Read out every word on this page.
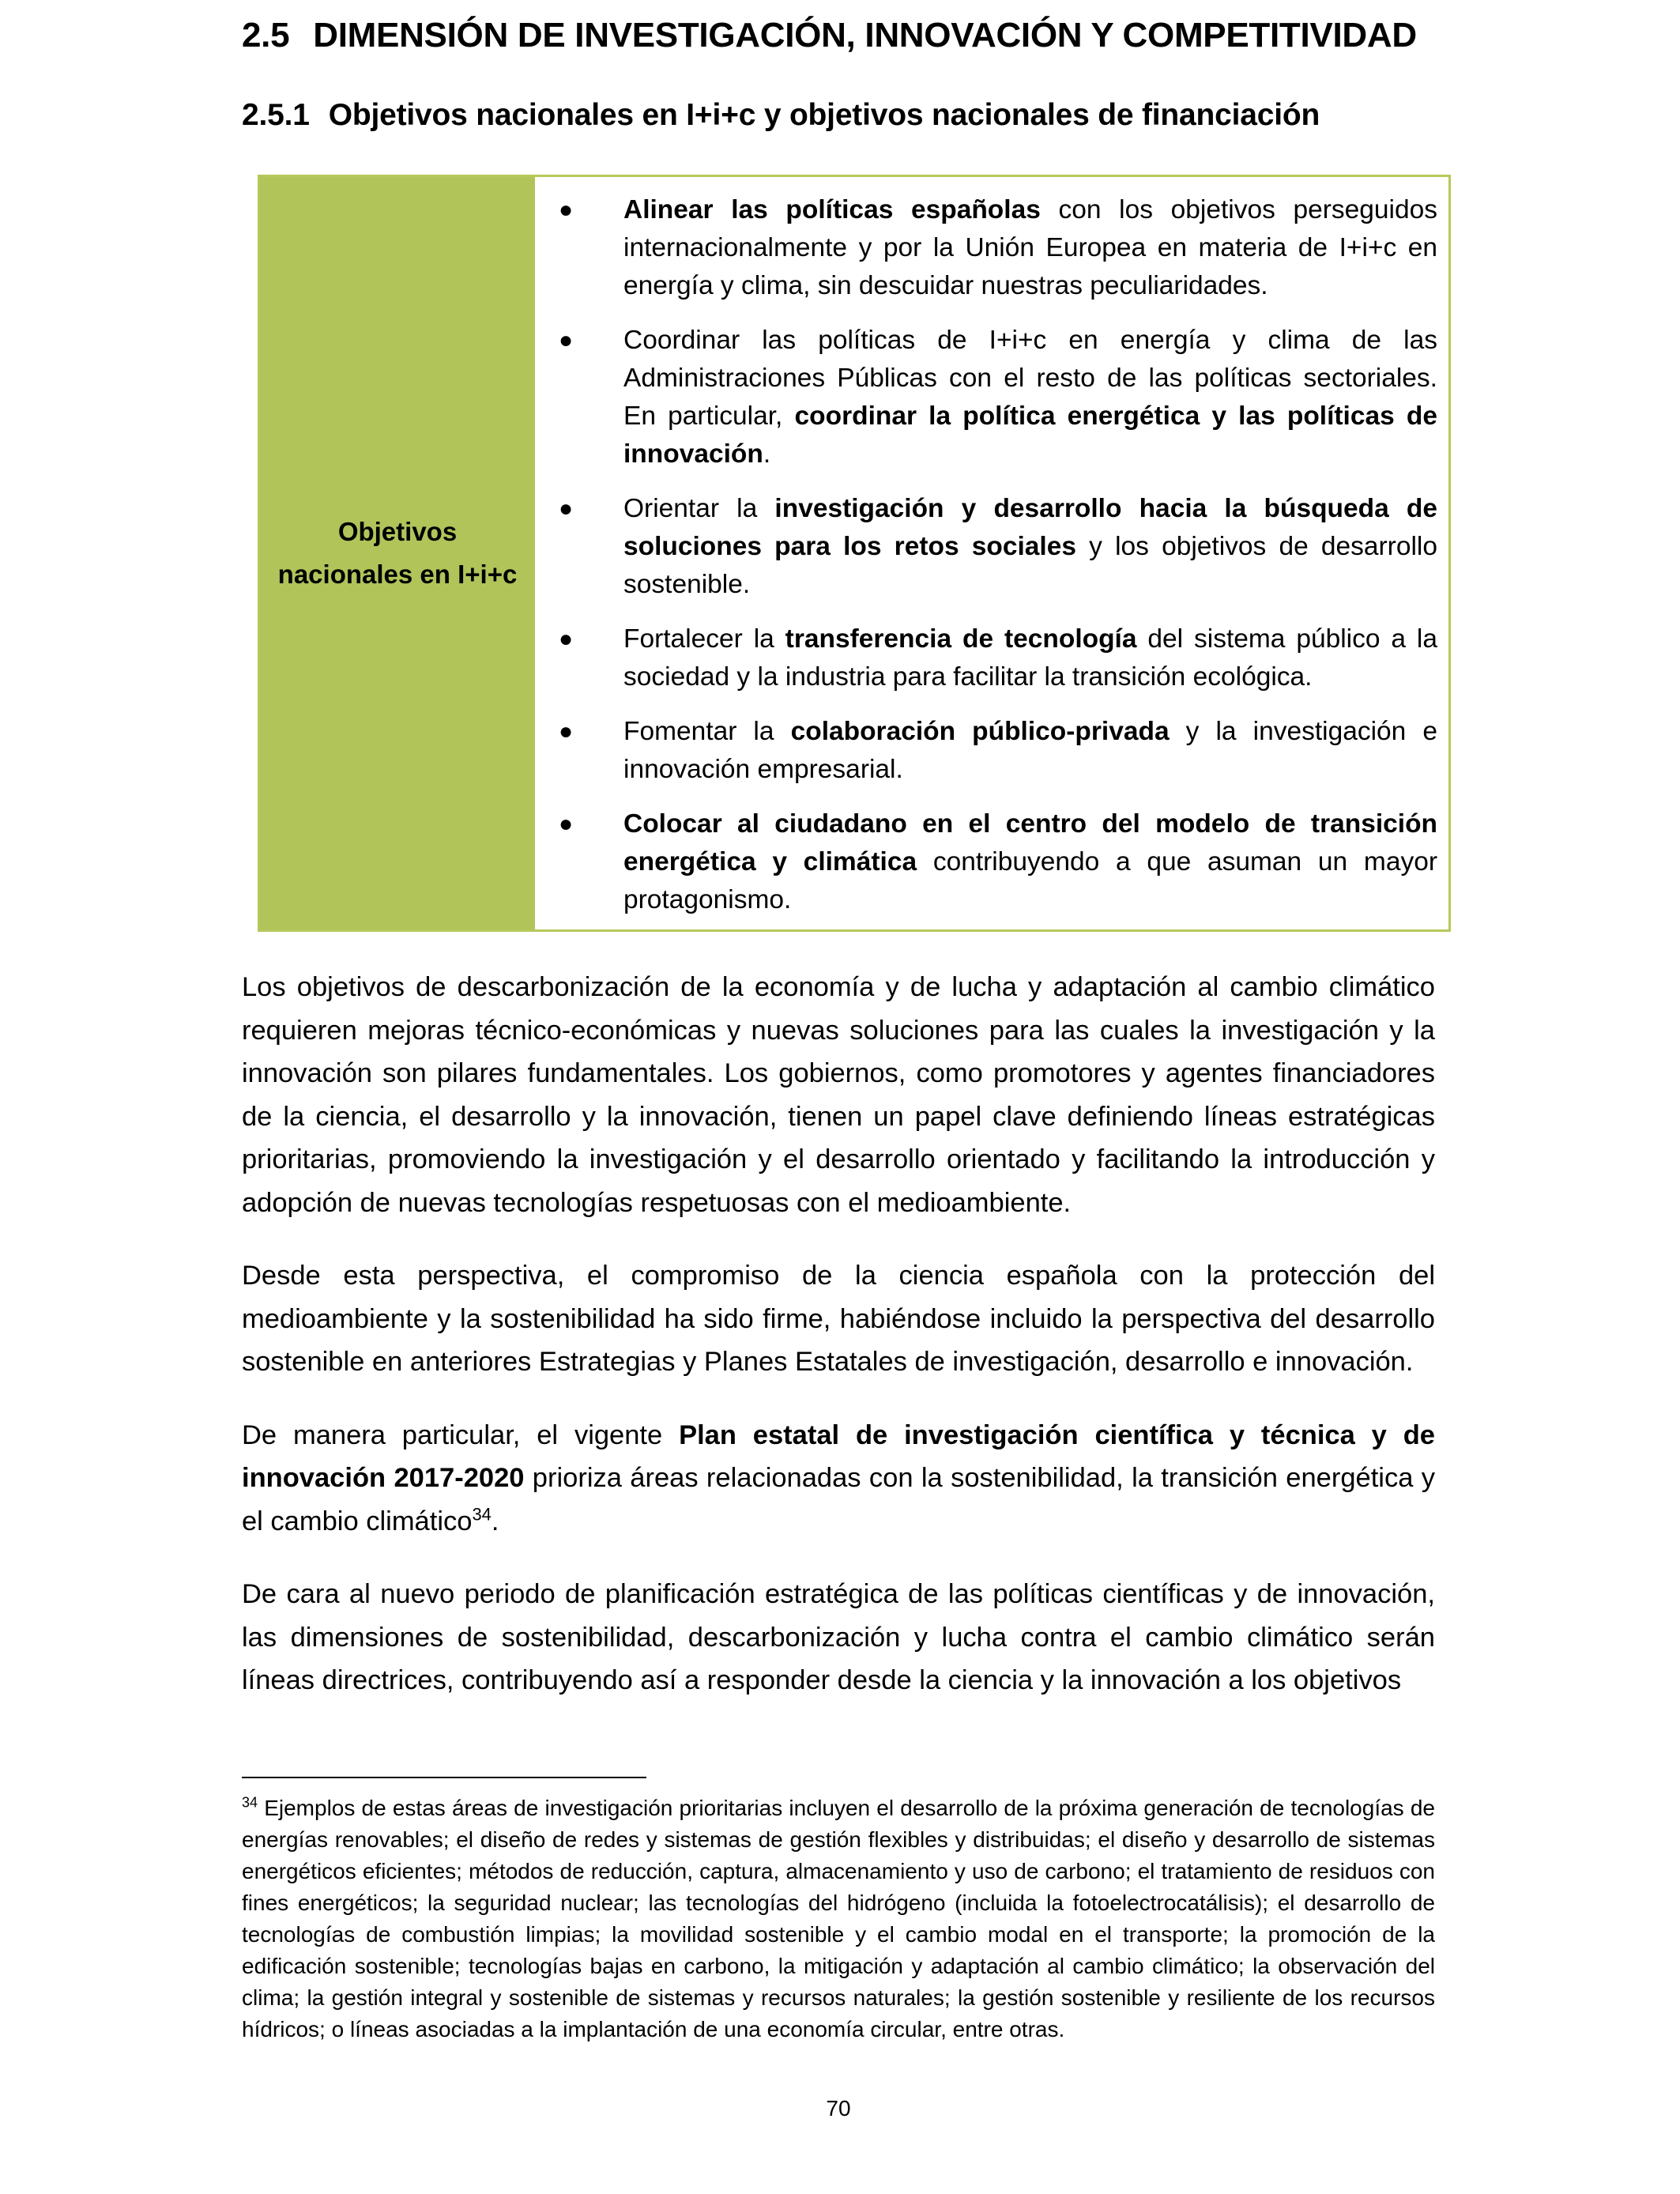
2.5 DIMENSIÓN DE INVESTIGACIÓN, INNOVACIÓN Y COMPETITIVIDAD
2.5.1 Objetivos nacionales en I+i+c y objetivos nacionales de financiación
Objetivos
nacionales en I+i+c
● Alinear las políticas españolas con los objetivos perseguidos internacionalmente y por la Unión Europea en materia de I+i+c en energía y clima, sin descuidar nuestras peculiaridades.
● Coordinar las políticas de I+i+c en energía y clima de las Administraciones Públicas con el resto de las políticas sectoriales. En particular, coordinar la política energética y las políticas de innovación.
● Orientar la investigación y desarrollo hacia la búsqueda de soluciones para los retos sociales y los objetivos de desarrollo sostenible.
● Fortalecer la transferencia de tecnología del sistema público a la sociedad y la industria para facilitar la transición ecológica.
● Fomentar la colaboración público-privada y la investigación e innovación empresarial.
● Colocar al ciudadano en el centro del modelo de transición energética y climática contribuyendo a que asuman un mayor protagonismo.

Los objetivos de descarbonización de la economía y de lucha y adaptación al cambio climático requieren mejoras técnico-económicas y nuevas soluciones para las cuales la investigación y la innovación son pilares fundamentales. Los gobiernos, como promotores y agentes financiadores de la ciencia, el desarrollo y la innovación, tienen un papel clave definiendo líneas estratégicas prioritarias, promoviendo la investigación y el desarrollo orientado y facilitando la introducción y adopción de nuevas tecnologías respetuosas con el medioambiente.

Desde esta perspectiva, el compromiso de la ciencia española con la protección del medioambiente y la sostenibilidad ha sido firme, habiéndose incluido la perspectiva del desarrollo sostenible en anteriores Estrategias y Planes Estatales de investigación, desarrollo e innovación.

De manera particular, el vigente Plan estatal de investigación científica y técnica y de innovación 2017-2020 prioriza áreas relacionadas con la sostenibilidad, la transición energética y el cambio climático$^{34}$.

De cara al nuevo periodo de planificación estratégica de las políticas científicas y de innovación, las dimensiones de sostenibilidad, descarbonización y lucha contra el cambio climático serán líneas directrices, contribuyendo así a responder desde la ciencia y la innovación a los objetivos

$^{34}$ Ejemplos de estas áreas de investigación prioritarias incluyen el desarrollo de la próxima generación de tecnologías de energías renovables; el diseño de redes y sistemas de gestión flexibles y distribuidas; el diseño y desarrollo de sistemas energéticos eficientes; métodos de reducción, captura, almacenamiento y uso de carbono; el tratamiento de residuos con fines energéticos; la seguridad nuclear; las tecnologías del hidrógeno (incluida la fotoelectrocatálisis); el desarrollo de tecnologías de combustión limpias; la movilidad sostenible y el cambio modal en el transporte; la promoción de la edificación sostenible; tecnologías bajas en carbono, la mitigación y adaptación al cambio climático; la observación del clima; la gestión integral y sostenible de sistemas y recursos naturales; la gestión sostenible y resiliente de los recursos hídricos; o líneas asociadas a la implantación de una economía circular, entre otras.
70
